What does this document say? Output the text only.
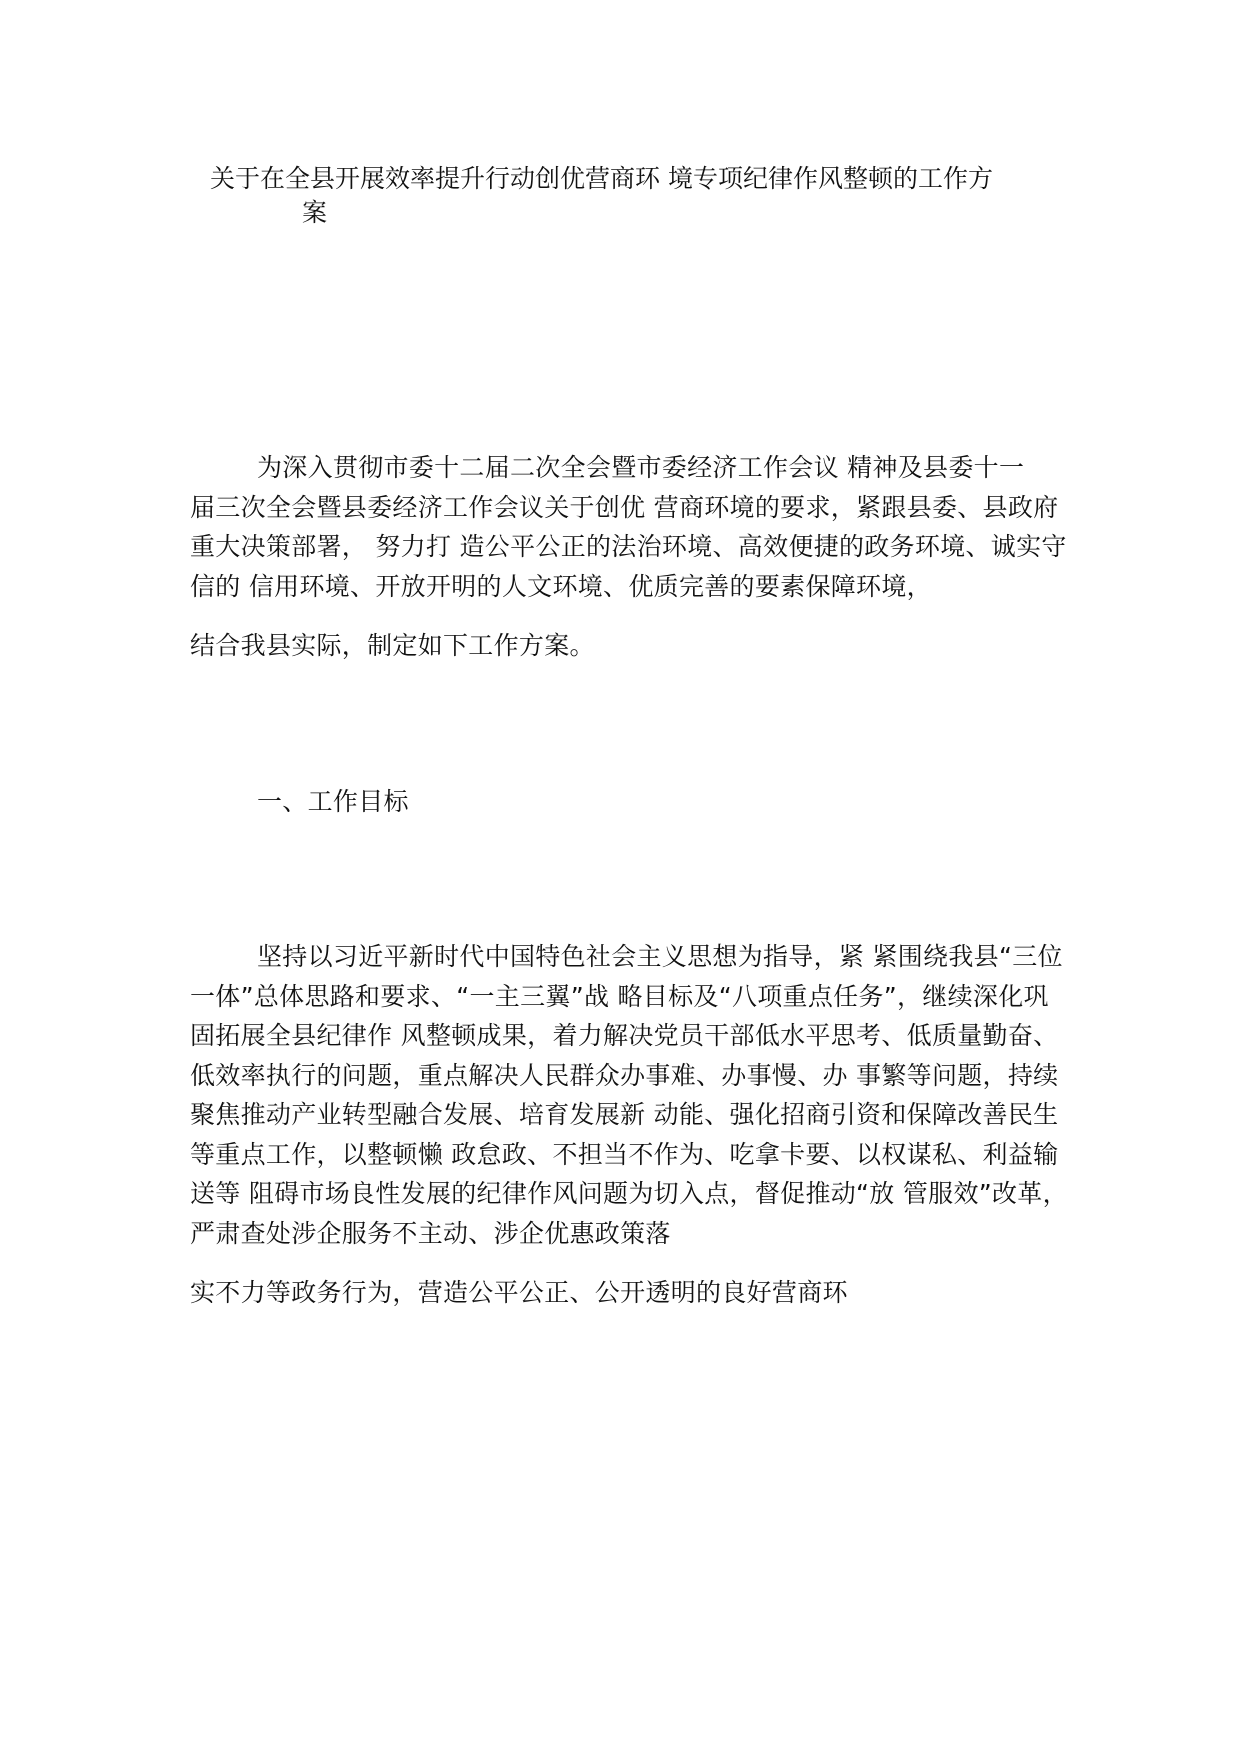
关于在全县开展效率提升行动创优营商环 境专项纪律作风整顿的工作方
案

为深入贯彻市委十二届二次全会暨市委经济工作会议 精神及县委十一

届三次全会暨县委经济工作会议关于创优 营商环境的要求，紧跟县委、县政府

重大决策部署， 努力打 造公平公正的法治环境、高效便捷的政务环境、诚实守

信的 信用环境、开放开明的人文环境、优质完善的要素保障环境，

结合我县实际，制定如下工作方案。

一、工作目标

坚持以习近平新时代中国特色社会主义思想为指导，紧 紧围绕我县“三位

一体”总体思路和要求、“一主三翼”战 略目标及“八项重点任务”，继续深化巩

固拓展全县纪律作 风整顿成果，着力解决党员干部低水平思考、低质量勤奋、

低效率执行的问题，重点解决人民群众办事难、办事慢、办 事繁等问题，持续

聚焦推动产业转型融合发展、培育发展新 动能、强化招商引资和保障改善民生

等重点工作，以整顿懒 政怠政、不担当不作为、吃拿卡要、以权谋私、利益输

送等 阻碍市场良性发展的纪律作风问题为切入点，督促推动“放 管服效”改革，

严肃查处涉企服务不主动、涉企优惠政策落

实不力等政务行为，营造公平公正、公开透明的良好营商环
